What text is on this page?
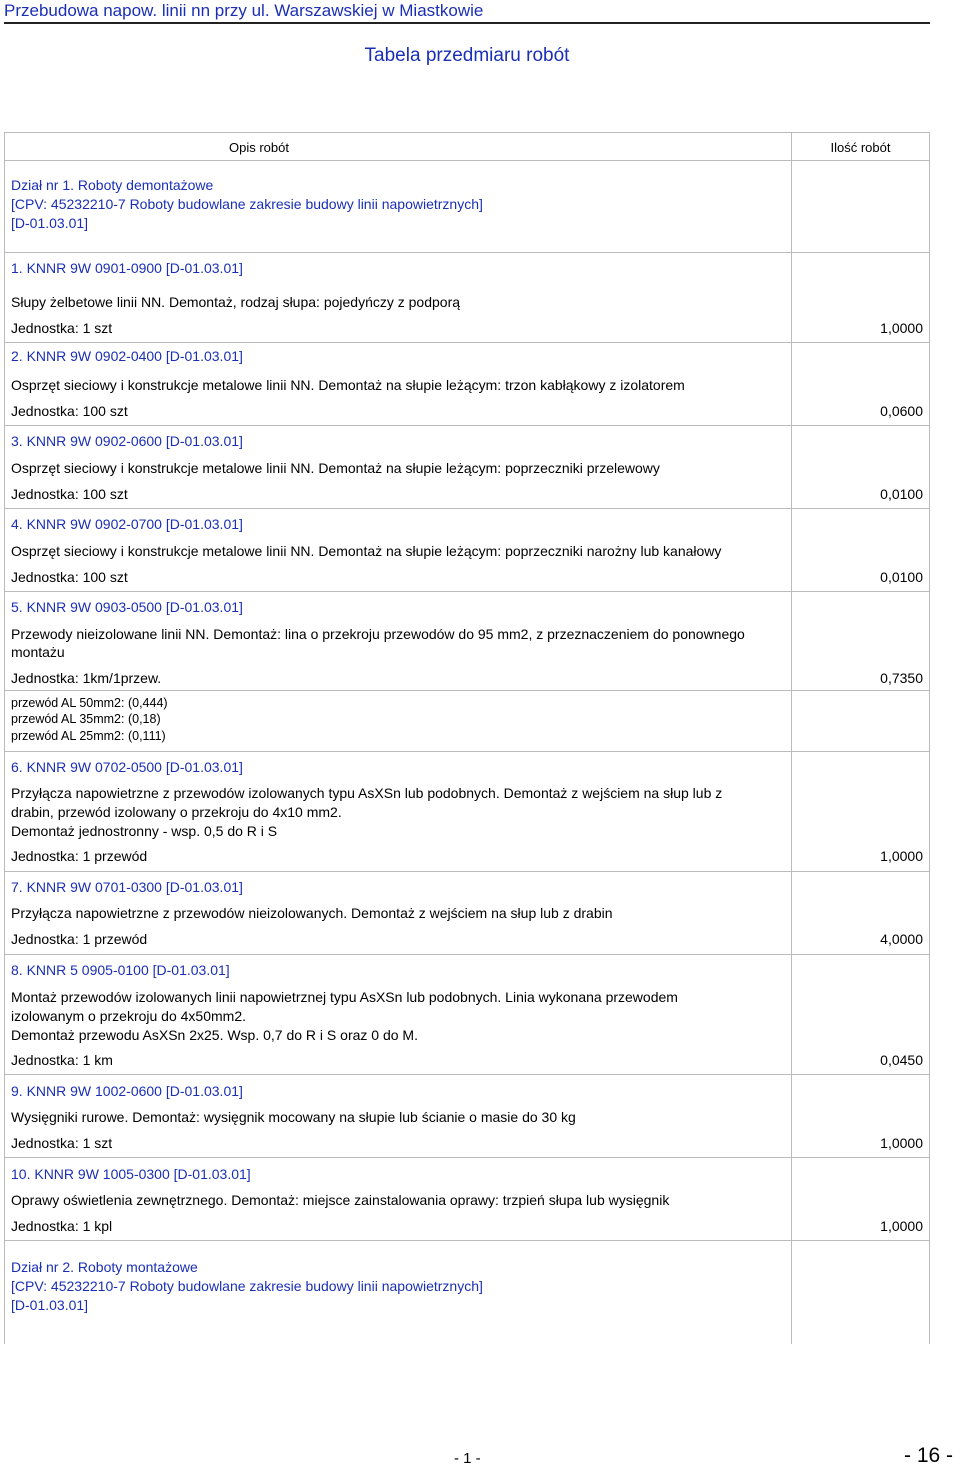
Przebudowa napow. linii nn przy ul. Warszawskiej w Miastkowie
Tabela przedmiaru robót
Opis robót	Ilość robót
Dział nr 1. Roboty demontażowe
[CPV: 45232210-7 Roboty budowlane zakresie budowy linii napowietrznych]
[D-01.03.01]
1. KNNR 9W 0901-0900 [D-01.03.01]
Słupy żelbetowe linii NN. Demontaż, rodzaj słupa: pojedyńczy z podporą
Jednostka: 1 szt	1,0000
2. KNNR 9W 0902-0400 [D-01.03.01]
Osprzęt sieciowy i konstrukcje metalowe linii NN. Demontaż na słupie leżącym: trzon kabłąkowy z izolatorem
Jednostka: 100 szt	0,0600
3. KNNR 9W 0902-0600 [D-01.03.01]
Osprzęt sieciowy i konstrukcje metalowe linii NN. Demontaż na słupie leżącym: poprzeczniki przelewowy
Jednostka: 100 szt	0,0100
4. KNNR 9W 0902-0700 [D-01.03.01]
Osprzęt sieciowy i konstrukcje metalowe linii NN. Demontaż na słupie leżącym: poprzeczniki narożny lub kanałowy
Jednostka: 100 szt	0,0100
5. KNNR 9W 0903-0500 [D-01.03.01]
Przewody nieizolowane linii NN. Demontaż: lina o przekroju przewodów do 95 mm2, z przeznaczeniem do ponownego
montażu
Jednostka: 1km/1przew.	0,7350
przewód AL 50mm2: (0,444)
przewód AL 35mm2: (0,18)
przewód AL 25mm2: (0,111)
6. KNNR 9W 0702-0500 [D-01.03.01]
Przyłącza napowietrzne z przewodów izolowanych typu AsXSn lub podobnych. Demontaż z wejściem na słup lub z
drabin, przewód izolowany o przekroju do 4x10 mm2.
Demontaż jednostronny - wsp. 0,5 do R i S
Jednostka: 1 przewód	1,0000
7. KNNR 9W 0701-0300 [D-01.03.01]
Przyłącza napowietrzne z przewodów nieizolowanych. Demontaż z wejściem na słup lub z drabin
Jednostka: 1 przewód	4,0000
8. KNNR 5 0905-0100 [D-01.03.01]
Montaż przewodów izolowanych linii napowietrznej typu AsXSn lub podobnych. Linia wykonana przewodem
izolowanym o przekroju do 4x50mm2.
Demontaż przewodu AsXSn 2x25. Wsp. 0,7 do R i S oraz 0 do M.
Jednostka: 1 km	0,0450
9. KNNR 9W 1002-0600 [D-01.03.01]
Wysięgniki rurowe. Demontaż: wysięgnik mocowany na słupie lub ścianie o masie do 30 kg
Jednostka: 1 szt	1,0000
10. KNNR 9W 1005-0300 [D-01.03.01]
Oprawy oświetlenia zewnętrznego. Demontaż: miejsce zainstalowania oprawy: trzpień słupa lub wysięgnik
Jednostka: 1 kpl	1,0000
Dział nr 2. Roboty montażowe
[CPV: 45232210-7 Roboty budowlane zakresie budowy linii napowietrznych]
[D-01.03.01]
- 1 -	- 16 -
